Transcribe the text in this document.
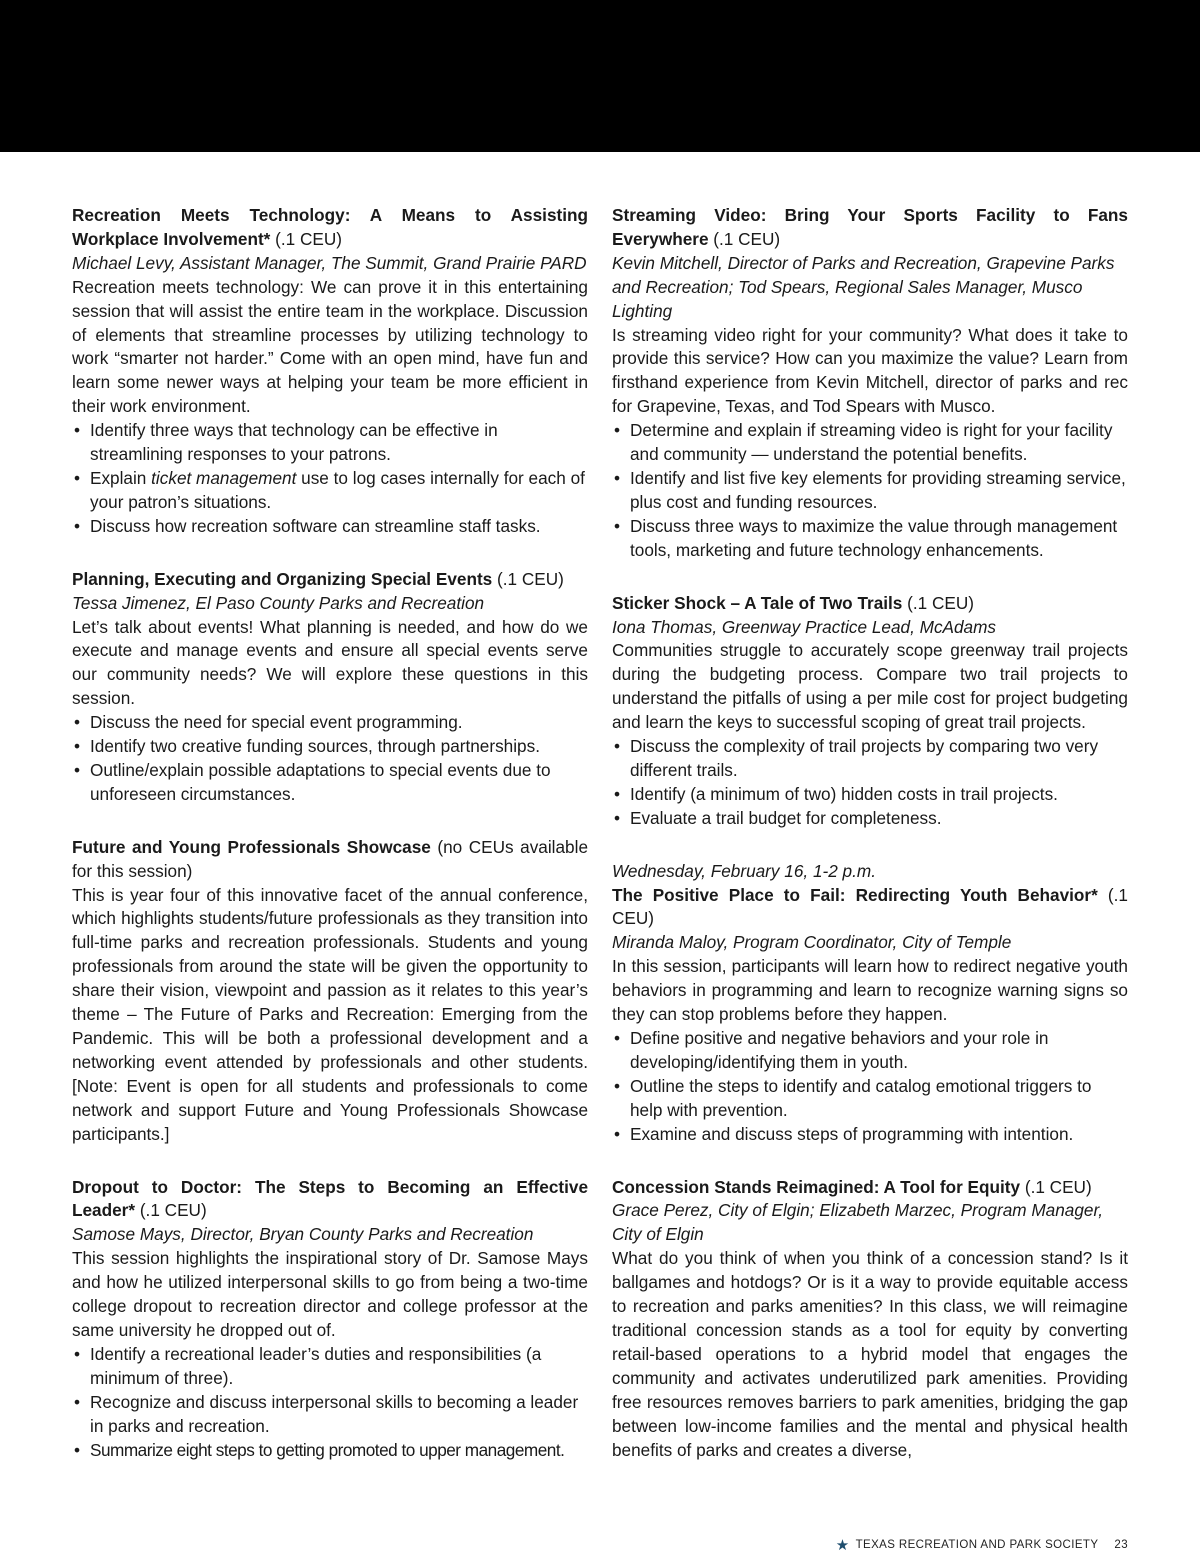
Recreation Meets Technology: A Means to Assisting Workplace Involvement* (.1 CEU)

Michael Levy, Assistant Manager, The Summit, Grand Prairie PARD

Recreation meets technology: We can prove it in this entertaining session that will assist the entire team in the workplace. Discussion of elements that streamline processes by utilizing technology to work “smarter not harder.” Come with an open mind, have fun and learn some newer ways at helping your team be more efficient in their work environment.

• Identify three ways that technology can be effective in streamlining responses to your patrons.
• Explain ticket management use to log cases internally for each of your patron’s situations.
• Discuss how recreation software can streamline staff tasks.

Planning, Executing and Organizing Special Events (.1 CEU)

Tessa Jimenez, El Paso County Parks and Recreation

Let’s talk about events! What planning is needed, and how do we execute and manage events and ensure all special events serve our community needs? We will explore these questions in this session.

• Discuss the need for special event programming.
• Identify two creative funding sources, through partnerships.
• Outline/explain possible adaptations to special events due to unforeseen circumstances.

Future and Young Professionals Showcase (no CEUs available for this session)

This is year four of this innovative facet of the annual conference, which highlights students/future professionals as they transition into full-time parks and recreation professionals. Students and young professionals from around the state will be given the opportunity to share their vision, viewpoint and passion as it relates to this year’s theme – The Future of Parks and Recreation: Emerging from the Pandemic. This will be both a professional development and a networking event attended by professionals and other students. [Note: Event is open for all students and professionals to come network and support Future and Young Professionals Showcase participants.]

Dropout to Doctor: The Steps to Becoming an Effective Leader* (.1 CEU)

Samose Mays, Director, Bryan County Parks and Recreation

This session highlights the inspirational story of Dr. Samose Mays and how he utilized interpersonal skills to go from being a two-time college dropout to recreation director and college professor at the same university he dropped out of.

• Identify a recreational leader’s duties and responsibilities (a minimum of three).
• Recognize and discuss interpersonal skills to becoming a leader in parks and recreation.
• Summarize eight steps to getting promoted to upper management.

Streaming Video: Bring Your Sports Facility to Fans Everywhere (.1 CEU)

Kevin Mitchell, Director of Parks and Recreation, Grapevine Parks and Recreation; Tod Spears, Regional Sales Manager, Musco Lighting

Is streaming video right for your community? What does it take to provide this service? How can you maximize the value? Learn from firsthand experience from Kevin Mitchell, director of parks and rec for Grapevine, Texas, and Tod Spears with Musco.

• Determine and explain if streaming video is right for your facility and community — understand the potential benefits.
• Identify and list five key elements for providing streaming service, plus cost and funding resources.
• Discuss three ways to maximize the value through management tools, marketing and future technology enhancements.

Sticker Shock – A Tale of Two Trails (.1 CEU)

Iona Thomas, Greenway Practice Lead, McAdams

Communities struggle to accurately scope greenway trail projects during the budgeting process. Compare two trail projects to understand the pitfalls of using a per mile cost for project budgeting and learn the keys to successful scoping of great trail projects.

• Discuss the complexity of trail projects by comparing two very different trails.
• Identify (a minimum of two) hidden costs in trail projects.
• Evaluate a trail budget for completeness.

Wednesday, February 16, 1-2 p.m.

The Positive Place to Fail: Redirecting Youth Behavior* (.1 CEU)

Miranda Maloy, Program Coordinator, City of Temple

In this session, participants will learn how to redirect negative youth behaviors in programming and learn to recognize warning signs so they can stop problems before they happen.

• Define positive and negative behaviors and your role in developing/identifying them in youth.
• Outline the steps to identify and catalog emotional triggers to help with prevention.
• Examine and discuss steps of programming with intention.

Concession Stands Reimagined: A Tool for Equity (.1 CEU)

Grace Perez, City of Elgin; Elizabeth Marzec, Program Manager, City of Elgin

What do you think of when you think of a concession stand? Is it ballgames and hotdogs? Or is it a way to provide equitable access to recreation and parks amenities? In this class, we will reimagine traditional concession stands as a tool for equity by converting retail-based operations to a hybrid model that engages the community and activates underutilized park amenities. Providing free resources removes barriers to park amenities, bridging the gap between low-income families and the mental and physical health benefits of parks and creates a diverse,

★ TEXAS RECREATION AND PARK SOCIETY 23
